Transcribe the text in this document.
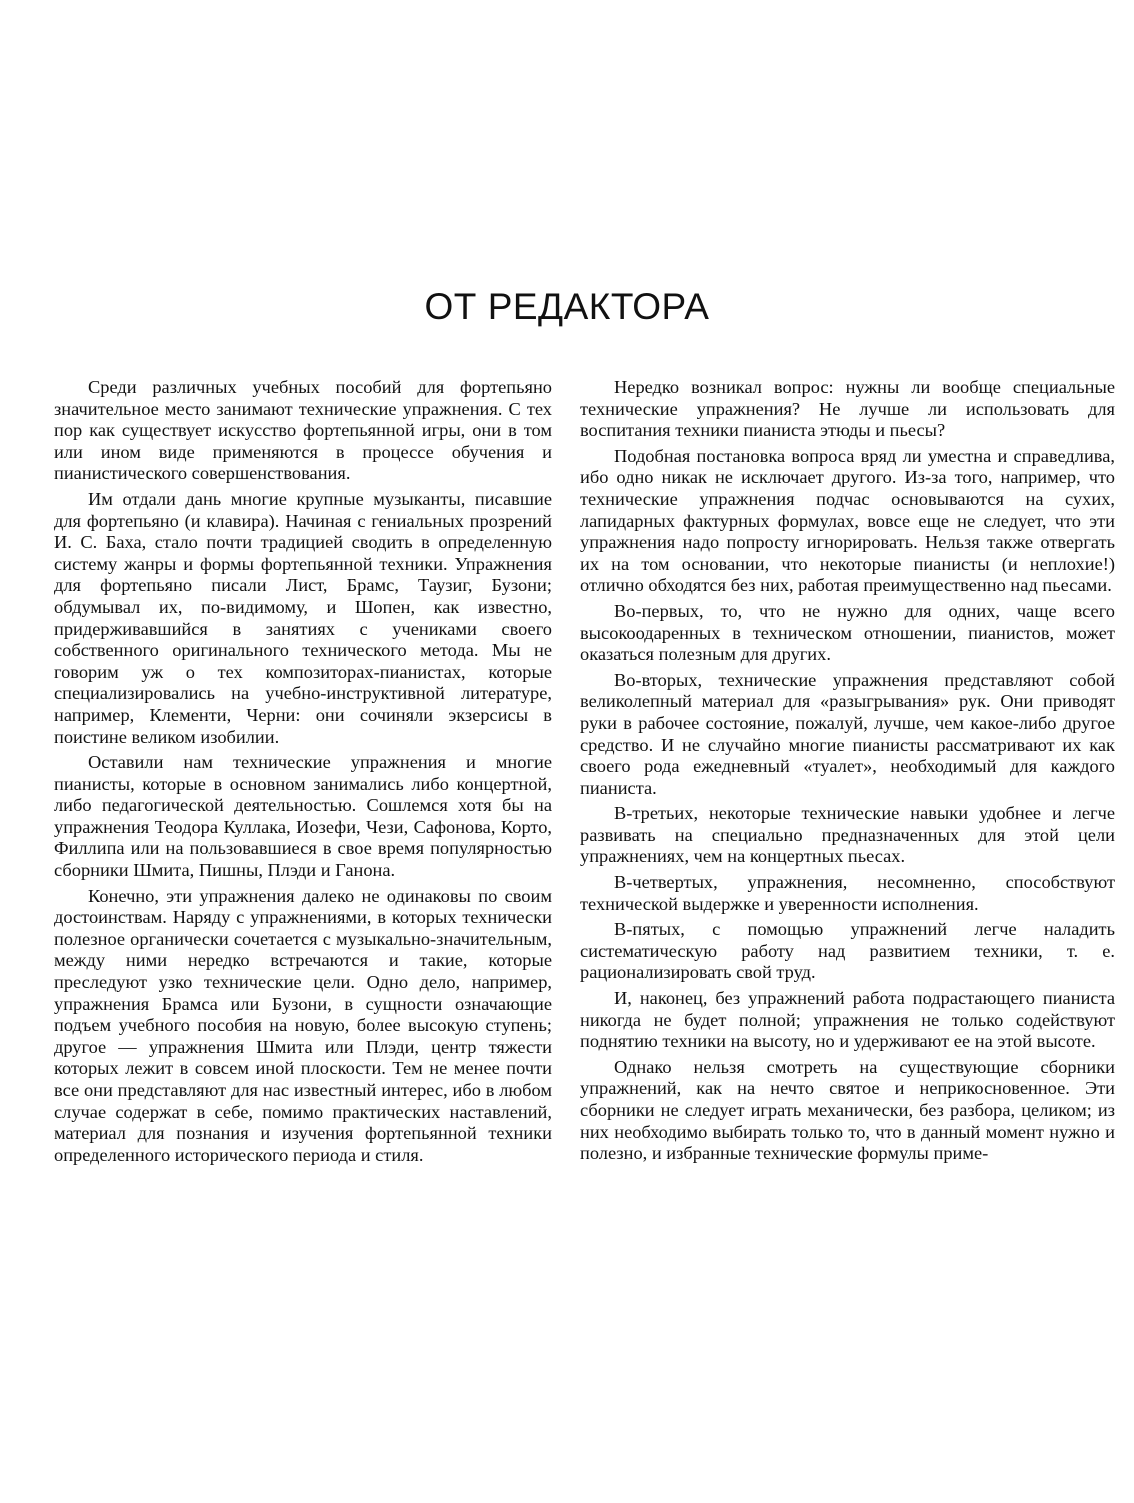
ОТ РЕДАКТОРА

Среди различных учебных пособий для фортепьяно значительное место занимают технические упражнения. С тех пор как существует искусство фортепьянной игры, они в том или ином виде применяются в процессе обучения и пианистического совершенствования.

Им отдали дань многие крупные музыканты, писавшие для фортепьяно (и клавира). Начиная с гениальных прозрений И. С. Баха, стало почти традицией сводить в определенную систему жанры и формы фортепьянной техники. Упражнения для фортепьяно писали Лист, Брамс, Таузиг, Бузони; обдумывал их, по-видимому, и Шопен, как известно, придерживавшийся в занятиях с учениками своего собственного оригинального технического метода. Мы не говорим уж о тех композиторах-пианистах, которые специализировались на учебно-инструктивной литературе, например, Клементи, Черни: они сочиняли экзерсисы в поистине великом изобилии.

Оставили нам технические упражнения и многие пианисты, которые в основном занимались либо концертной, либо педагогической деятельностью. Сошлемся хотя бы на упражнения Теодора Куллака, Иозефи, Чези, Сафонова, Корто, Филлипа или на пользовавшиеся в свое время популярностью сборники Шмита, Пишны, Плэди и Ганона.

Конечно, эти упражнения далеко не одинаковы по своим достоинствам. Наряду с упражнениями, в которых технически полезное органически сочетается с музыкально-значительным, между ними нередко встречаются и такие, которые преследуют узко технические цели. Одно дело, например, упражнения Брамса или Бузони, в сущности означающие подъем учебного пособия на новую, более высокую ступень; другое — упражнения Шмита или Плэди, центр тяжести которых лежит в совсем иной плоскости. Тем не менее почти все они представляют для нас известный интерес, ибо в любом случае содержат в себе, помимо практических наставлений, материал для познания и изучения фортепьянной техники определенного исторического периода и стиля.

Нередко возникал вопрос: нужны ли вообще специальные технические упражнения? Не лучше ли использовать для воспитания техники пианиста этюды и пьесы?

Подобная постановка вопроса вряд ли уместна и справедлива, ибо одно никак не исключает другого. Из-за того, например, что технические упражнения подчас основываются на сухих, лапидарных фактурных формулах, вовсе еще не следует, что эти упражнения надо попросту игнорировать. Нельзя также отвергать их на том основании, что некоторые пианисты (и неплохие!) отлично обходятся без них, работая преимущественно над пьесами.

Во-первых, то, что не нужно для одних, чаще всего высокоодаренных в техническом отношении, пианистов, может оказаться полезным для других.

Во-вторых, технические упражнения представляют собой великолепный материал для «разыгрывания» рук. Они приводят руки в рабочее состояние, пожалуй, лучше, чем какое-либо другое средство. И не случайно многие пианисты рассматривают их как своего рода ежедневный «туалет», необходимый для каждого пианиста.

В-третьих, некоторые технические навыки удобнее и легче развивать на специально предназначенных для этой цели упражнениях, чем на концертных пьесах.

В-четвертых, упражнения, несомненно, способствуют технической выдержке и уверенности исполнения.

В-пятых, с помощью упражнений легче наладить систематическую работу над развитием техники, т. е. рационализировать свой труд.

И, наконец, без упражнений работа подрастающего пианиста никогда не будет полной; упражнения не только содействуют поднятию техники на высоту, но и удерживают ее на этой высоте.

Однако нельзя смотреть на существующие сборники упражнений, как на нечто святое и неприкосновенное. Эти сборники не следует играть механически, без разбора, целиком; из них необходимо выбирать только то, что в данный момент нужно и полезно, и избранные технические формулы приме-
